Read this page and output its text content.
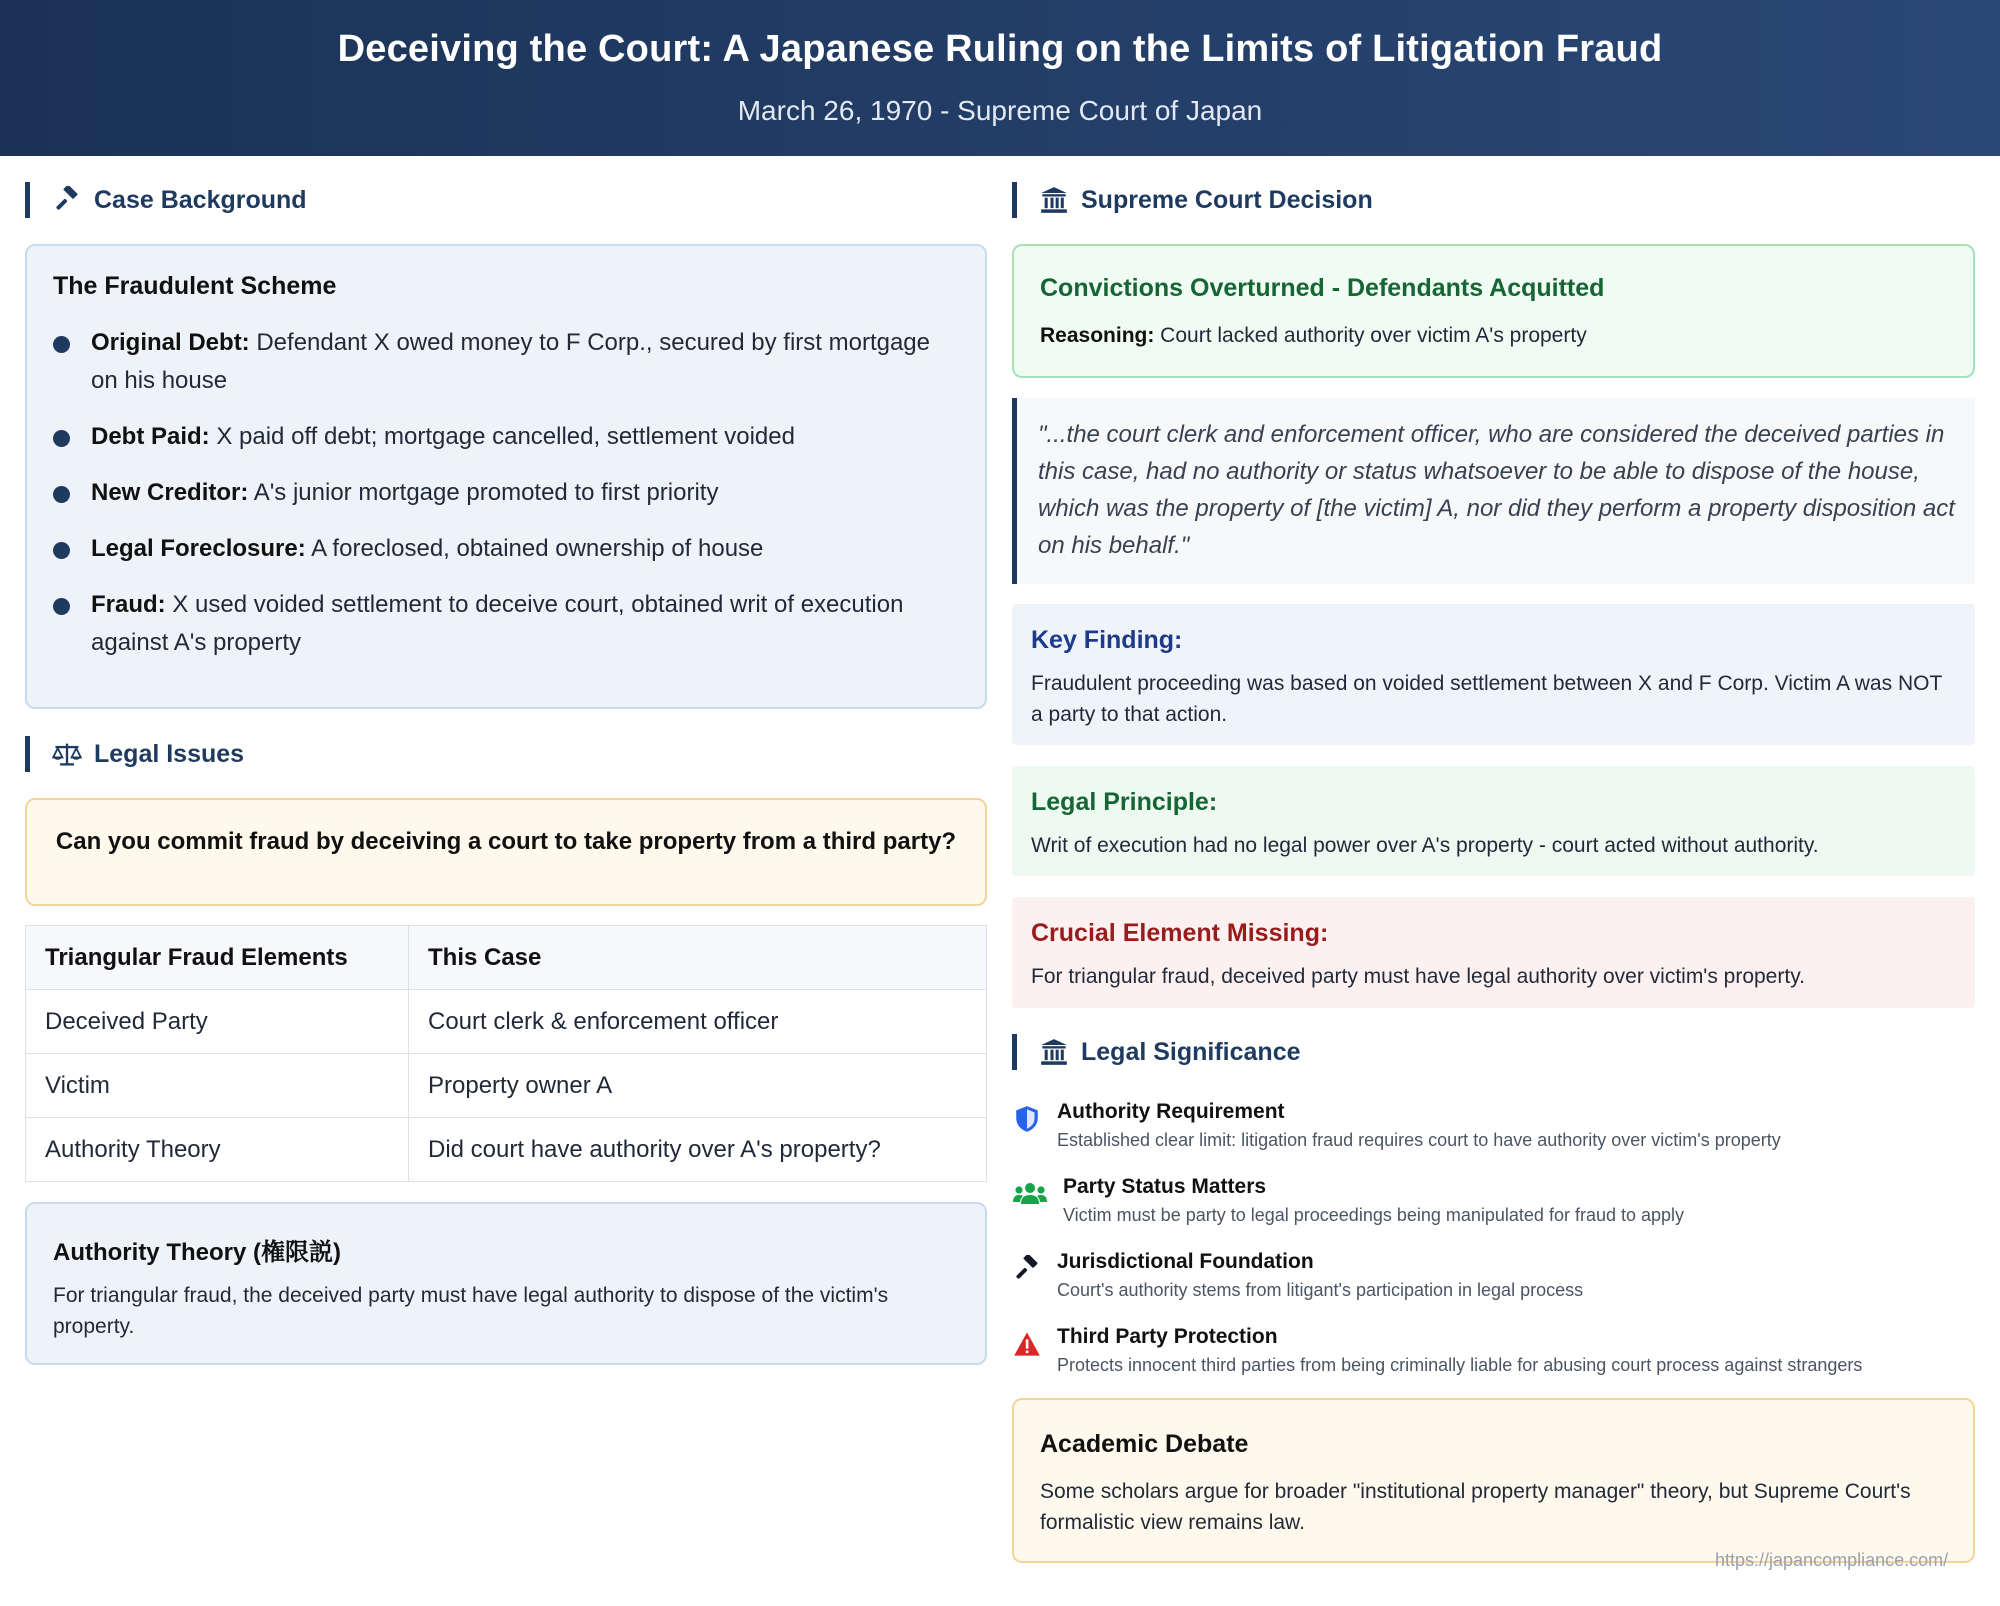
Deceiving the Court: A Japanese Ruling on the Limits of Litigation Fraud
March 26, 1970 - Supreme Court of Japan
Case Background
The Fraudulent Scheme
Original Debt: Defendant X owed money to F Corp., secured by first mortgage on his house
Debt Paid: X paid off debt; mortgage cancelled, settlement voided
New Creditor: A's junior mortgage promoted to first priority
Legal Foreclosure: A foreclosed, obtained ownership of house
Fraud: X used voided settlement to deceive court, obtained writ of execution against A's property
Legal Issues
Can you commit fraud by deceiving a court to take property from a third party?
Triangular Fraud Elements	This Case
Deceived Party	Court clerk & enforcement officer
Victim	Property owner A
Authority Theory	Did court have authority over A's property?
Authority Theory (権限説)
For triangular fraud, the deceived party must have legal authority to dispose of the victim's property.
Supreme Court Decision
Convictions Overturned - Defendants Acquitted
Reasoning: Court lacked authority over victim A's property

"...the court clerk and enforcement officer, who are considered the deceived parties in this case, had no authority or status whatsoever to be able to dispose of the house, which was the property of [the victim] A, nor did they perform a property disposition act on his behalf."

Key Finding:
Fraudulent proceeding was based on voided settlement between X and F Corp. Victim A was NOT a party to that action.
Legal Principle:
Writ of execution had no legal power over A's property - court acted without authority.
Crucial Element Missing:
For triangular fraud, deceived party must have legal authority over victim's property.
Legal Significance
Authority Requirement
Established clear limit: litigation fraud requires court to have authority over victim's property
Party Status Matters
Victim must be party to legal proceedings being manipulated for fraud to apply
Jurisdictional Foundation
Court's authority stems from litigant's participation in legal process
Third Party Protection
Protects innocent third parties from being criminally liable for abusing court process against strangers
Academic Debate
Some scholars argue for broader "institutional property manager" theory, but Supreme Court's formalistic view remains law.
https://japancompliance.com/
